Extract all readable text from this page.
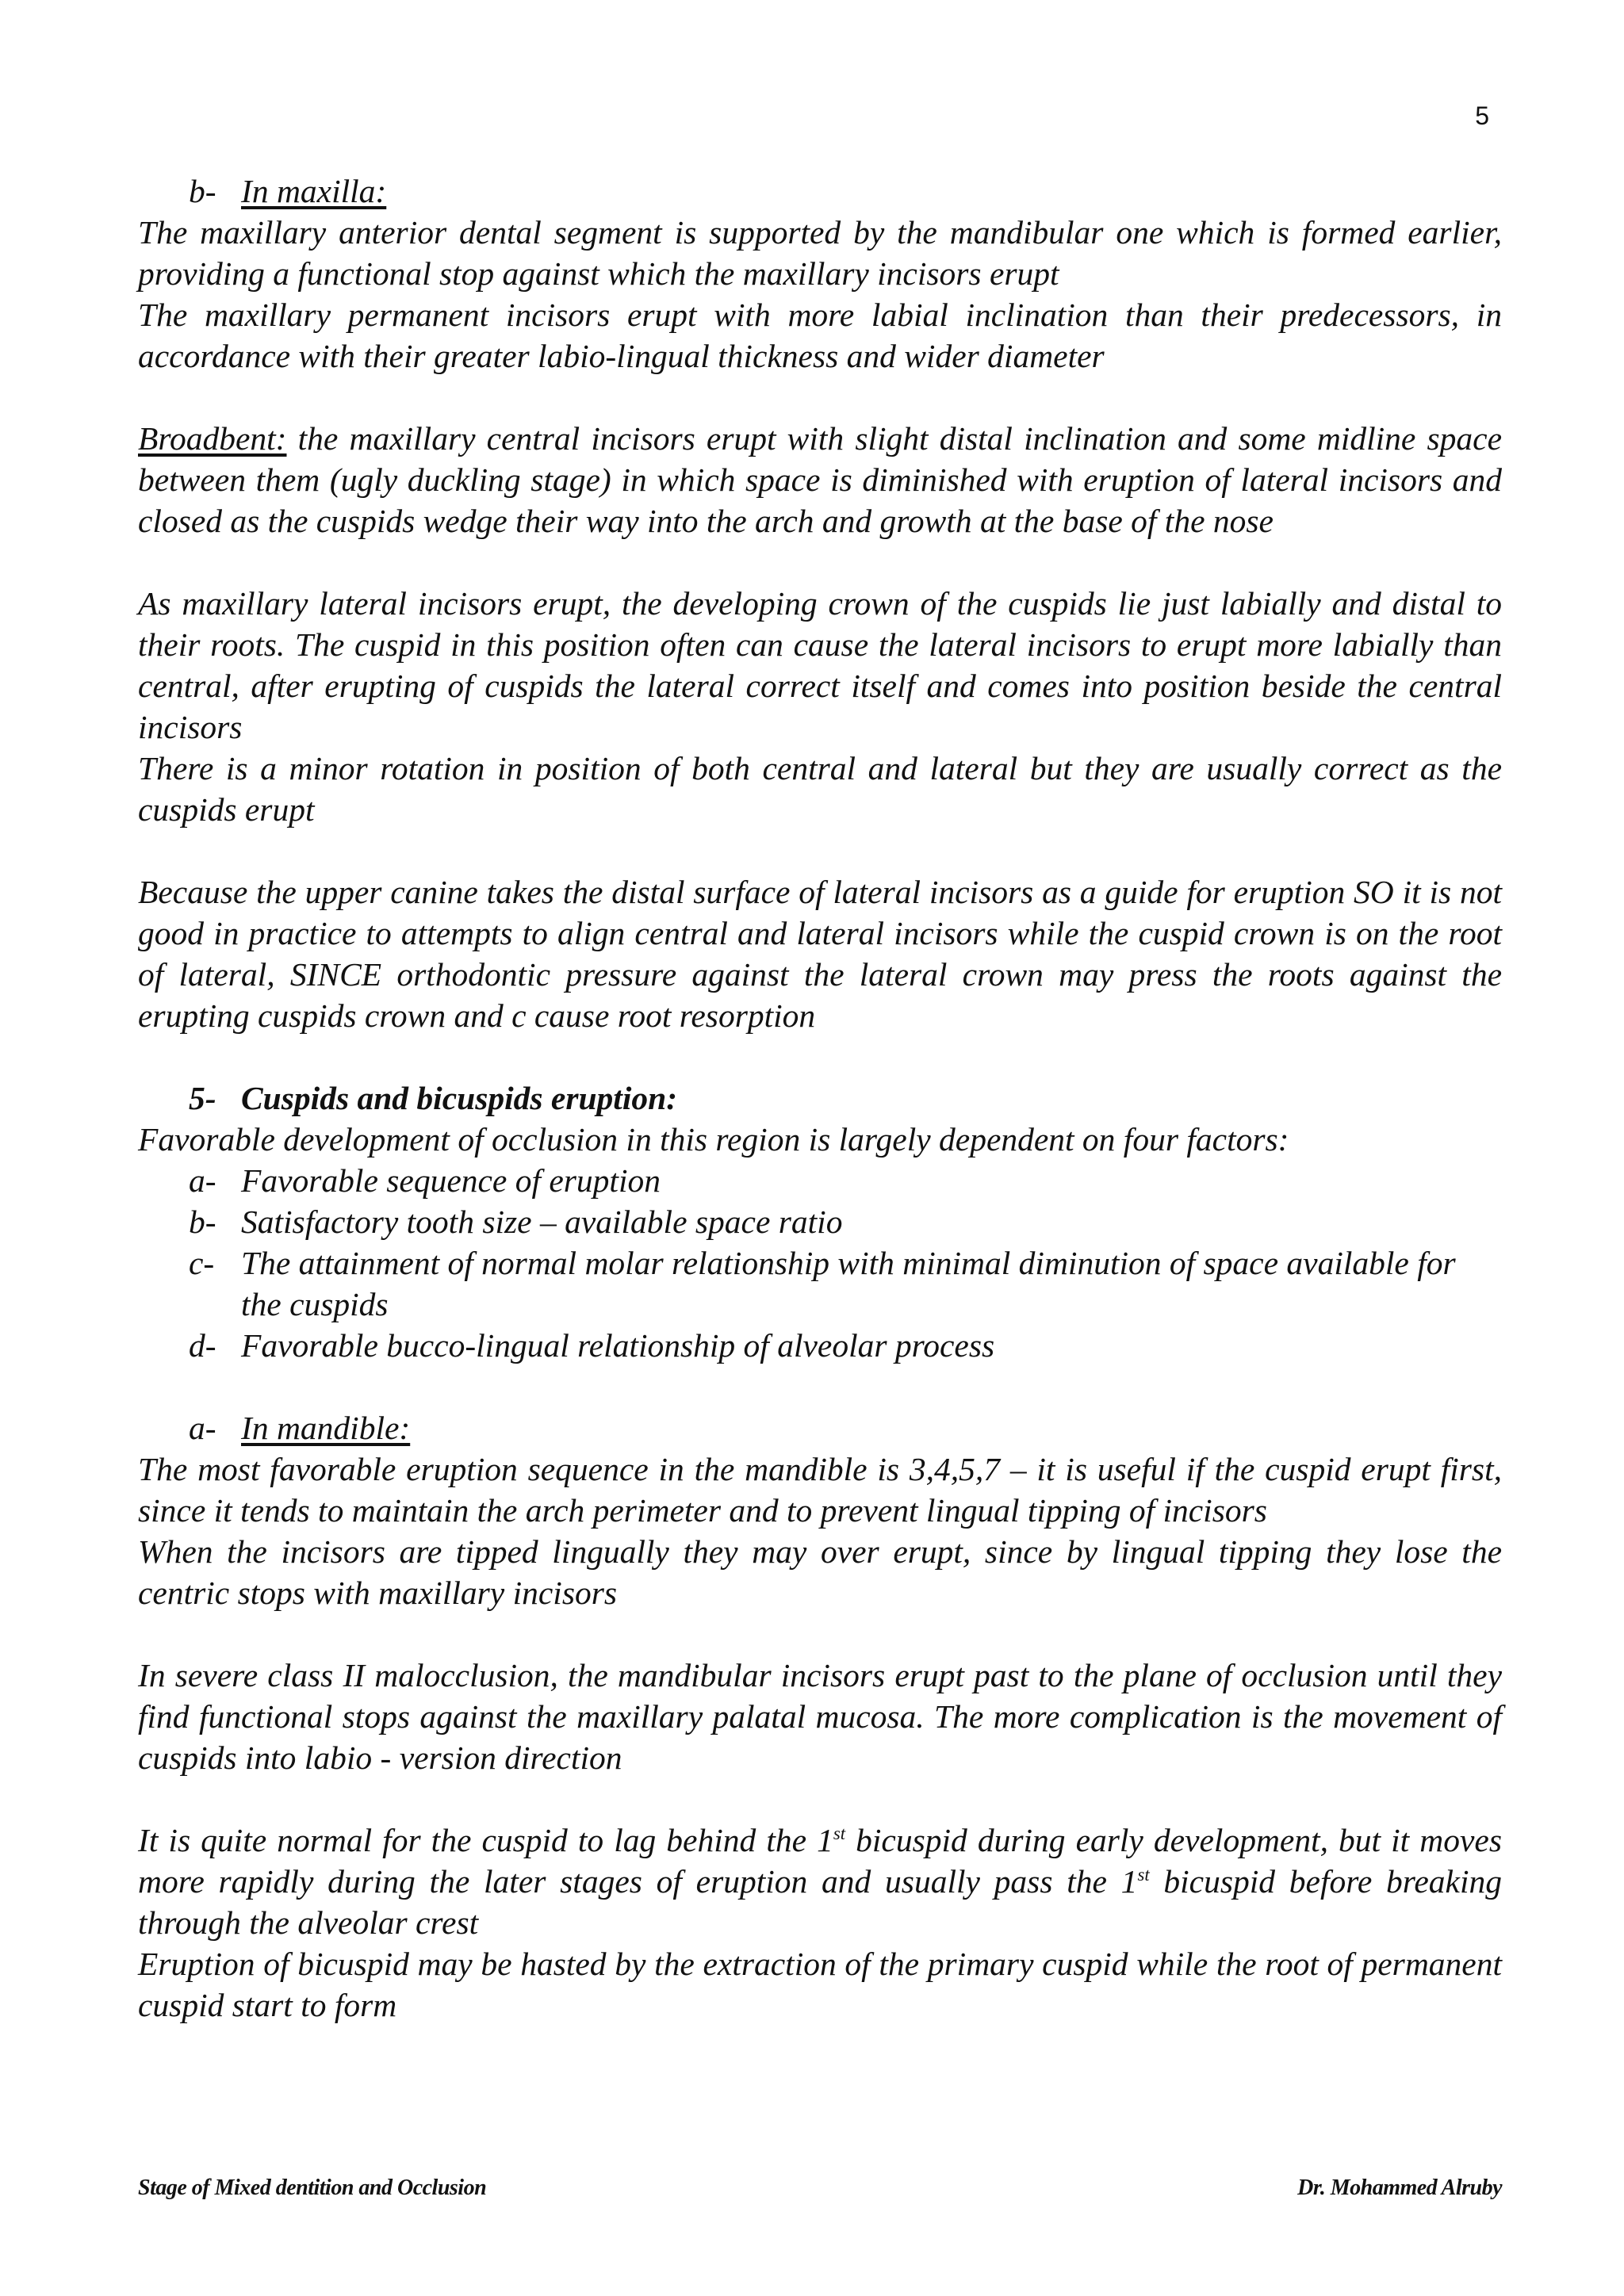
5
b- In maxilla:

The maxillary anterior dental segment is supported by the mandibular one which is formed earlier, providing a functional stop against which the maxillary incisors erupt

The maxillary permanent incisors erupt with more labial inclination than their predecessors, in accordance with their greater labio-lingual thickness and wider diameter

Broadbent: the maxillary central incisors erupt with slight distal inclination and some midline space between them (ugly duckling stage) in which space is diminished with eruption of lateral incisors and closed as the cuspids wedge their way into the arch and growth at the base of the nose

As maxillary lateral incisors erupt, the developing crown of the cuspids lie just labially and distal to their roots. The cuspid in this position often can cause the lateral incisors to erupt more labially than central, after erupting of cuspids the lateral correct itself and comes into position beside the central incisors

There is a minor rotation in position of both central and lateral but they are usually correct as the cuspids erupt

Because the upper canine takes the distal surface of lateral incisors as a guide for eruption SO it is not good in practice to attempts to align central and lateral incisors while the cuspid crown is on the root of lateral, SINCE orthodontic pressure against the lateral crown may press the roots against the erupting cuspids crown and c cause root resorption

5- Cuspids and bicuspids eruption:

Favorable development of occlusion in this region is largely dependent on four factors:

a- Favorable sequence of eruption
b- Satisfactory tooth size – available space ratio
c- The attainment of normal molar relationship with minimal diminution of space available for the cuspids
d- Favorable bucco-lingual relationship of alveolar process
a- In mandible:

The most favorable eruption sequence in the mandible is 3,4,5,7 – it is useful if the cuspid erupt first, since it tends to maintain the arch perimeter and to prevent lingual tipping of incisors

When the incisors are tipped lingually they may over erupt, since by lingual tipping they lose the centric stops with maxillary incisors

In severe class II malocclusion, the mandibular incisors erupt past to the plane of occlusion until they find functional stops against the maxillary palatal mucosa. The more complication is the movement of cuspids into labio - version direction

It is quite normal for the cuspid to lag behind the 1st bicuspid during early development, but it moves more rapidly during the later stages of eruption and usually pass the 1st bicuspid before breaking through the alveolar crest

Eruption of bicuspid may be hasted by the extraction of the primary cuspid while the root of permanent cuspid start to form

Stage of Mixed dentition and Occlusion	Dr. Mohammed Alruby
